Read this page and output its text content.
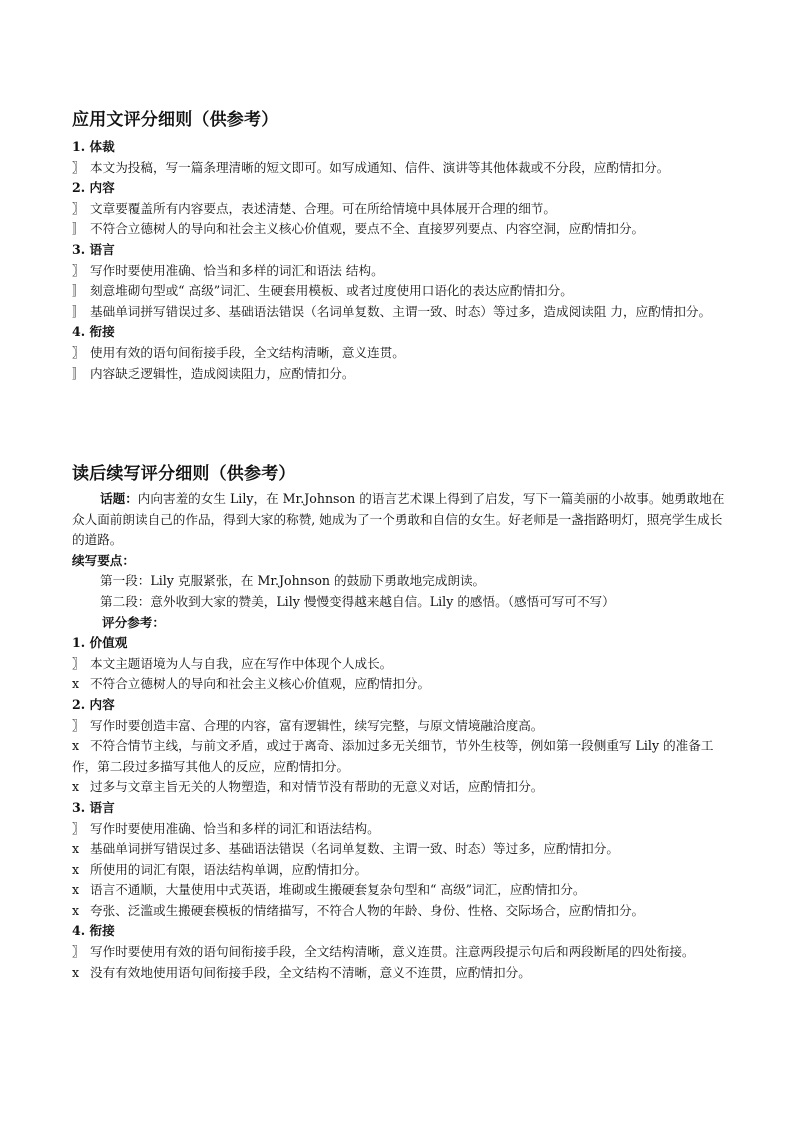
应用文评分细则（供参考）
1. 体裁
〗 本文为投稿，写一篇条理清晰的短文即可。如写成通知、信件、演讲等其他体裁或不分段，应酌情扣分。
2. 内容
〗 文章要覆盖所有内容要点，表述清楚、合理。可在所给情境中具体展开合理的细节。
〛 不符合立德树人的导向和社会主义核心价值观，要点不全、直接罗列要点、内容空洞，应酌情扣分。
3. 语言
〗 写作时要使用准确、恰当和多样的词汇和语法 结构。
〛 刻意堆砌句型或“ 高级”词汇、生硬套用模板、或者过度使用口语化的表达应酌情扣分。
〛 基础单词拼写错误过多、基础语法错误（名词单复数、主谓一致、时态）等过多，造成阅读阻 力，应酌情扣分。
4. 衔接
〗 使用有效的语句间衔接手段，全文结构清晰，意义连贯。
〛 内容缺乏逻辑性，造成阅读阻力，应酌情扣分。
读后续写评分细则（供参考）
话题：内向害羞的女生 Lily，在 Mr.Johnson 的语言艺术课上得到了启发，写下一篇美丽的小故事。她勇敢地在众人面前朗读自己的作品，得到大家的称赞, 她成为了一个勇敢和自信的女生。好老师是一盏指路明灯，照亮学生成长的道路。
续写要点：
第一段：Lily 克服紧张，在 Mr.Johnson 的鼓励下勇敢地完成朗读。
第二段：意外收到大家的赞美，Lily 慢慢变得越来越自信。Lily 的感悟。（感悟可写可不写）
评分参考：
1. 价值观
〗 本文主题语境为人与自我，应在写作中体现个人成长。
x 不符合立德树人的导向和社会主义核心价值观，应酌情扣分。
2. 内容
〗 写作时要创造丰富、合理的内容，富有逻辑性，续写完整，与原文情境融洽度高。
x 不符合情节主线，与前文矛盾，或过于离奇、添加过多无关细节，节外生枝等，例如第一段侧重写 Lily 的准备工作，第二段过多描写其他人的反应，应酌情扣分。
x 过多与文章主旨无关的人物塑造，和对情节没有帮助的无意义对话，应酌情扣分。
3. 语言
〗 写作时要使用准确、恰当和多样的词汇和语法结构。
x 基础单词拼写错误过多、基础语法错误（名词单复数、主谓一致、时态）等过多，应酌情扣分。
x 所使用的词汇有限，语法结构单调，应酌情扣分。
x 语言不通顺，大量使用中式英语，堆砌或生搬硬套复杂句型和“ 高级”词汇，应酌情扣分。
x 夸张、泛滥或生搬硬套模板的情绪描写，不符合人物的年龄、身份、性格、交际场合，应酌情扣分。
4. 衔接
〗 写作时要使用有效的语句间衔接手段，全文结构清晰，意义连贯。注意两段提示句后和两段断尾的四处衔接。
x 没有有效地使用语句间衔接手段，全文结构不清晰，意义不连贯，应酌情扣分。
